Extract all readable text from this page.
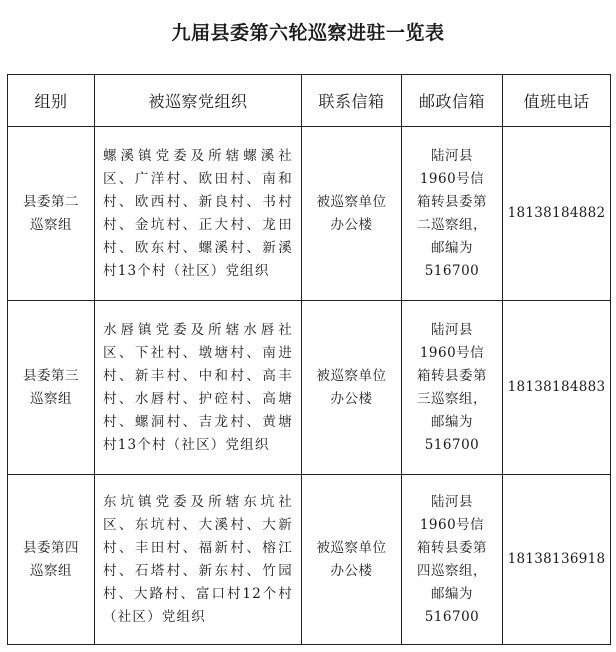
九届县委第六轮巡察进驻一览表
组别	被巡察党组织	联系信箱	邮政信箱	值班电话
县委第二巡察组	螺溪镇党委及所辖螺溪社区、广洋村、欧田村、南和村、欧西村、新良村、书村村、金坑村、正大村、龙田村、欧东村、螺溪村、新溪村13个村（社区）党组织	被巡察单位办公楼	陆河县1960号信箱转县委第二巡察组，邮编为516700	18138184882
县委第三巡察组	水唇镇党委及所辖水唇社区、下社村、墩塘村、南进村、新丰村、中和村、高丰村、水唇村、护硿村、高塘村、螺洞村、吉龙村、黄塘村13个村（社区）党组织	被巡察单位办公楼	陆河县1960号信箱转县委第三巡察组，邮编为516700	18138184883
县委第四巡察组	东坑镇党委及所辖东坑社区、东坑村、大溪村、大新村、丰田村、福新村、榕江村、石塔村、新东村、竹园村、大路村、富口村12个村（社区）党组织	被巡察单位办公楼	陆河县1960号信箱转县委第四巡察组，邮编为516700	18138136918
